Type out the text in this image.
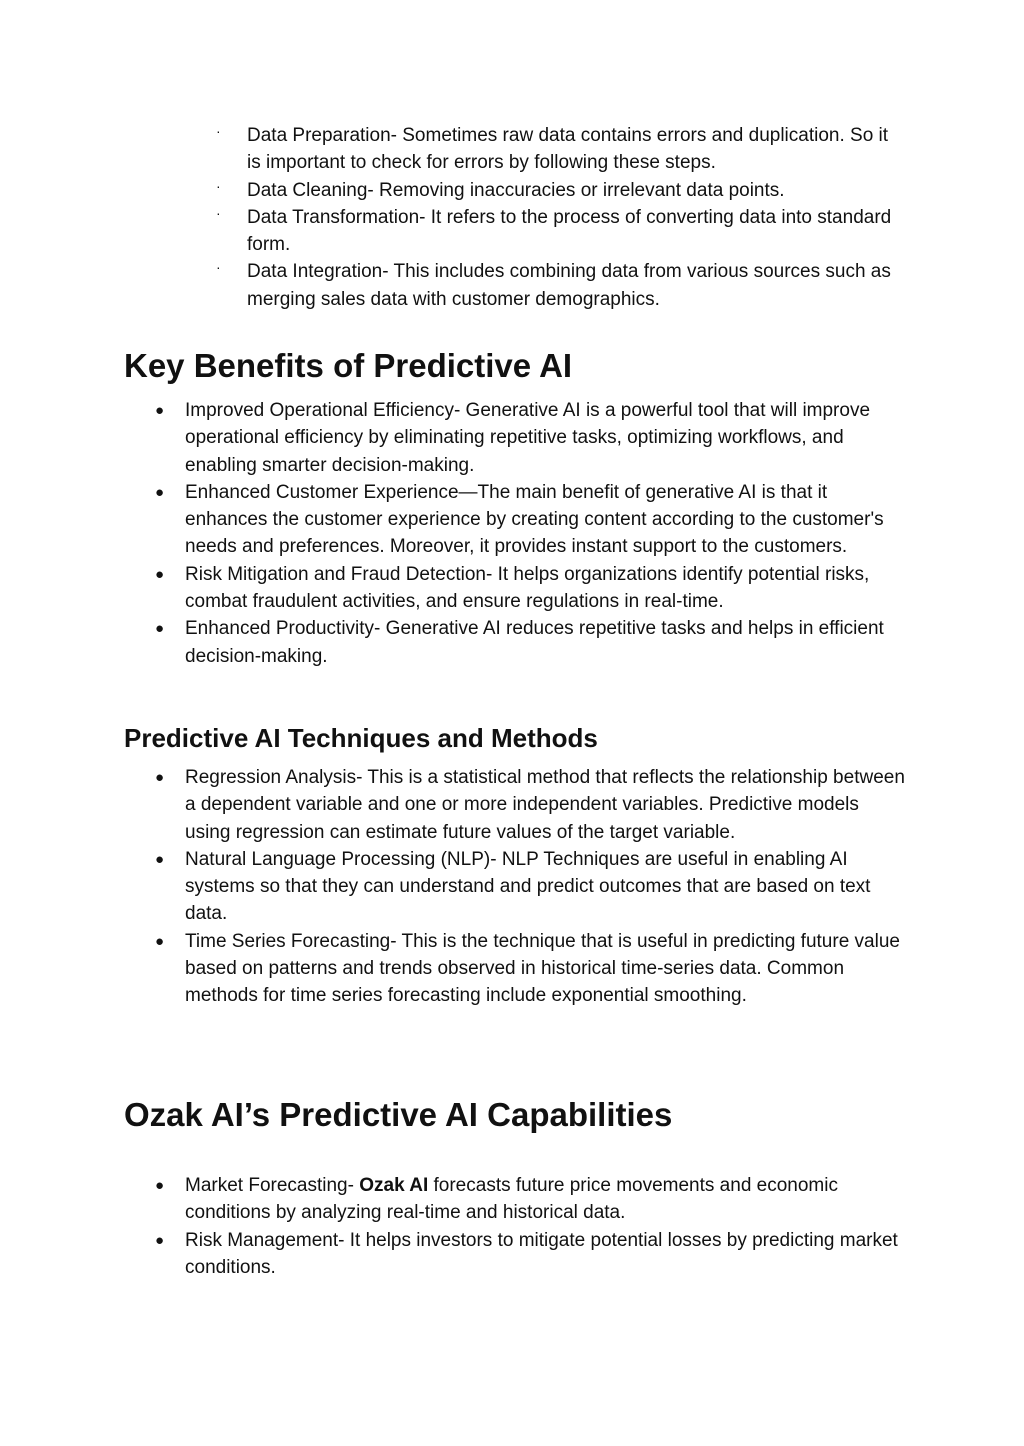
· Data Preparation- Sometimes raw data contains errors and duplication. So it is important to check for errors by following these steps.
· Data Cleaning- Removing inaccuracies or irrelevant data points.
· Data Transformation- It refers to the process of converting data into standard form.
· Data Integration- This includes combining data from various sources such as merging sales data with customer demographics.
Key Benefits of Predictive AI
● Improved Operational Efficiency- Generative AI is a powerful tool that will improve operational efficiency by eliminating repetitive tasks, optimizing workflows, and enabling smarter decision-making.
● Enhanced Customer Experience—The main benefit of generative AI is that it enhances the customer experience by creating content according to the customer's needs and preferences. Moreover, it provides instant support to the customers.
● Risk Mitigation and Fraud Detection- It helps organizations identify potential risks, combat fraudulent activities, and ensure regulations in real-time.
● Enhanced Productivity- Generative AI reduces repetitive tasks and helps in efficient decision-making.
Predictive AI Techniques and Methods
● Regression Analysis- This is a statistical method that reflects the relationship between a dependent variable and one or more independent variables. Predictive models using regression can estimate future values of the target variable.
● Natural Language Processing (NLP)- NLP Techniques are useful in enabling AI systems so that they can understand and predict outcomes that are based on text data.
● Time Series Forecasting- This is the technique that is useful in predicting future value based on patterns and trends observed in historical time-series data. Common methods for time series forecasting include exponential smoothing.
Ozak AI’s Predictive AI Capabilities
● Market Forecasting- Ozak AI forecasts future price movements and economic conditions by analyzing real-time and historical data.
● Risk Management- It helps investors to mitigate potential losses by predicting market conditions.
